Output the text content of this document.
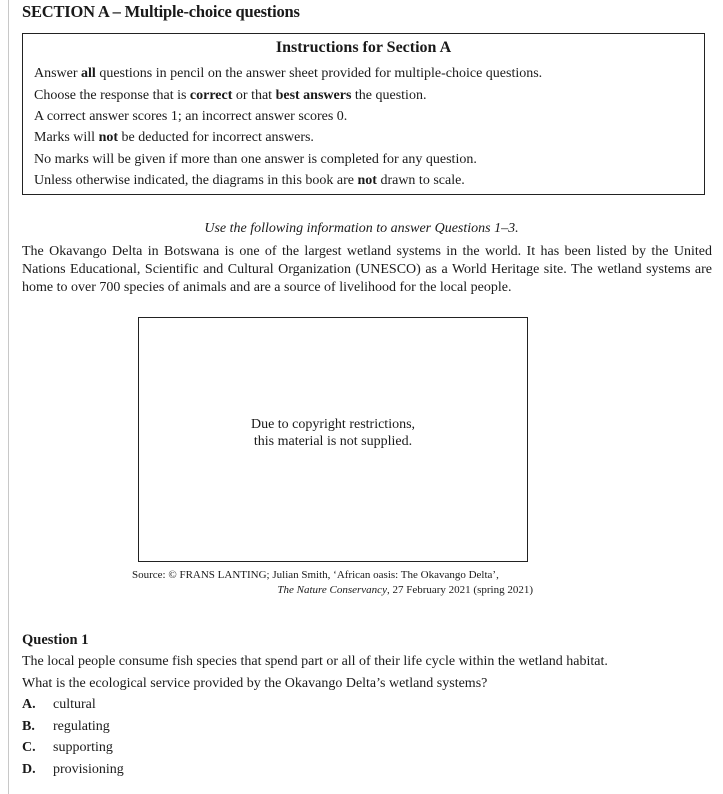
SECTION A – Multiple-choice questions
Instructions for Section A
Answer all questions in pencil on the answer sheet provided for multiple-choice questions.
Choose the response that is correct or that best answers the question.
A correct answer scores 1; an incorrect answer scores 0.
Marks will not be deducted for incorrect answers.
No marks will be given if more than one answer is completed for any question.
Unless otherwise indicated, the diagrams in this book are not drawn to scale.
Use the following information to answer Questions 1–3.
The Okavango Delta in Botswana is one of the largest wetland systems in the world. It has been listed by the United Nations Educational, Scientific and Cultural Organization (UNESCO) as a World Heritage site. The wetland systems are home to over 700 species of animals and are a source of livelihood for the local people.
Due to copyright restrictions,
this material is not supplied.
Source: © FRANS LANTING; Julian Smith, ‘African oasis: The Okavango Delta’,
The Nature Conservancy, 27 February 2021 (spring 2021)
Question 1
The local people consume fish species that spend part or all of their life cycle within the wetland habitat.
What is the ecological service provided by the Okavango Delta’s wetland systems?
A. cultural
B. regulating
C. supporting
D. provisioning
